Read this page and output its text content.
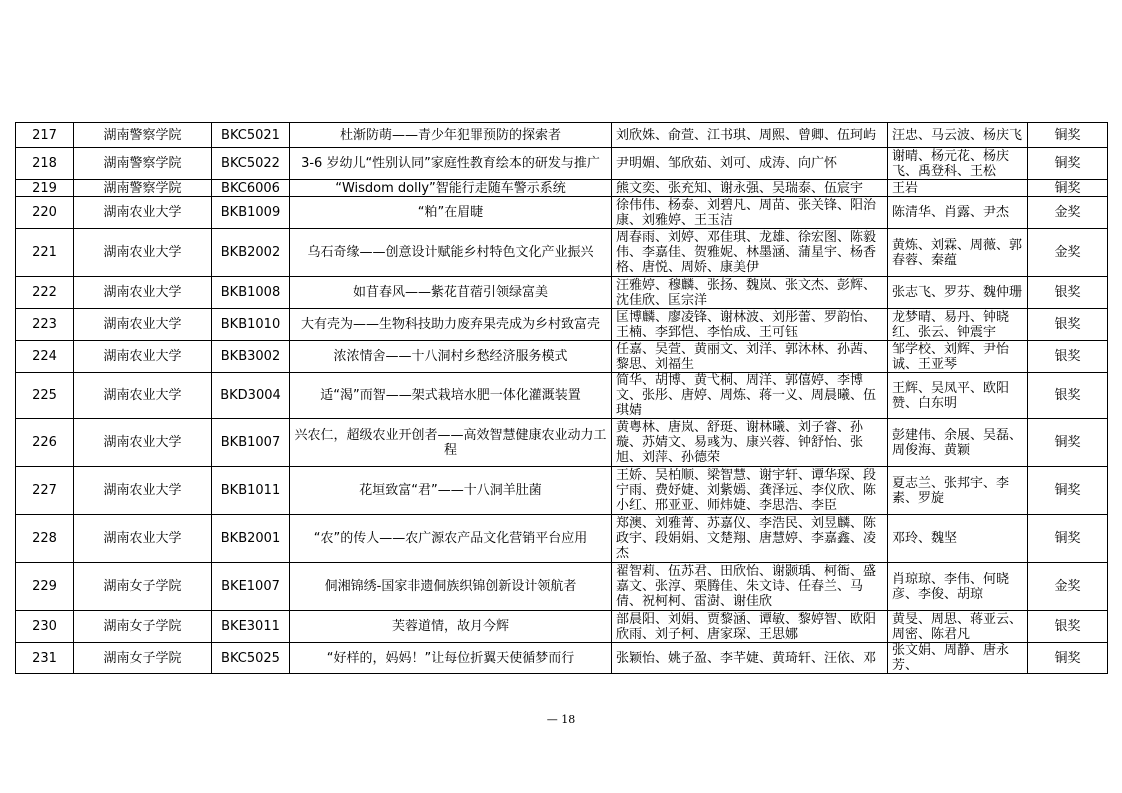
217	湖南警察学院	BKC5021	杜渐防萌——青少年犯罪预防的探索者	刘欣姝、俞萱、江书琪、周熙、曾卿、伍珂屿	汪忠、马云波、杨庆飞	铜奖
218	湖南警察学院	BKC5022	3-6 岁幼儿“性别认同”家庭性教育绘本的研发与推广	尹明媚、邹欣茹、刘可、成涛、向广怀	谢晴、杨元花、杨庆飞、禹登科、王松	铜奖
219	湖南警察学院	BKC6006	“Wisdom dolly”智能行走随车警示系统	熊文奕、张充知、谢永强、吴瑞泰、伍宸宇	王岩	铜奖
220	湖南农业大学	BKB1009	“粕”在眉睫	徐伟伟、杨泰、刘碧凡、周苗、张关锋、阳治康、刘雅婷、王玉洁	陈清华、肖露、尹杰	金奖
221	湖南农业大学	BKB2002	乌石奇缘——创意设计赋能乡村特色文化产业振兴	周春雨、刘婷、邓佳琪、龙雄、徐宏图、陈毅伟、李嘉佳、贺雅妮、林墨涵、蒲星宇、杨香格、唐悦、周娇、康美伊	黄炼、刘霖、周薇、郭春蓉、秦蕴	金奖
222	湖南农业大学	BKB1008	如苜春风——紫花苜蓿引领绿富美	汪雅婷、穆麟、张扬、魏岚、张文杰、彭辉、沈佳欣、匡宗洋	张志飞、罗芬、魏仲珊	银奖
223	湖南农业大学	BKB1010	大有壳为——生物科技助力废弃果壳成为乡村致富壳	匡博麟、廖凌锋、谢林波、刘彤蕾、罗韵怡、王楠、李郅恺、李怡成、王可钰	龙梦晴、易丹、钟晓红、张云、钟震宇	银奖
224	湖南农业大学	BKB3002	浓浓情舍——十八洞村乡愁经济服务模式	任嘉、吴萱、黄丽文、刘洋、郭沐林、孙茜、黎思、刘福生	邹学校、刘辉、尹怡诚、王亚琴	银奖
225	湖南农业大学	BKD3004	适“渴”而智——架式栽培水肥一体化灌溉装置	简华、胡博、黄弋桐、周洋、郭僖婷、李博文、张彤、唐婷、周炼、蒋一义、周晨曦、伍琪婧	王辉、吴凤平、欧阳赞、白东明	银奖
226	湖南农业大学	BKB1007	兴农仁，超级农业开创者——高效智慧健康农业动力工程	黄粤林、唐岚、舒珽、谢林曦、刘子睿、孙璇、苏婧文、易彧为、康兴蓉、钟舒怡、张旭、刘萍、孙德荣	彭建伟、余展、吴磊、周俊海、黄颖	铜奖
227	湖南农业大学	BKB1011	花垣致富“君”——十八洞羊肚菌	王娇、吴柏顺、梁智慧、谢宇轩、谭华琛、段宁雨、费妤婕、刘紫嫣、龚泽远、李仪欣、陈小红、邢亚亚、师炜婕、李思浩、李臣	夏志兰、张邦宇、李素、罗旋	铜奖
228	湖南农业大学	BKB2001	“农”的传人——农广源农产品文化营销平台应用	郑澳、刘雅菁、苏嘉仪、李浩民、刘昱麟、陈政宇、段娟娟、文楚翔、唐慧婷、李嘉鑫、凌杰	邓玲、魏坚	铜奖
229	湖南女子学院	BKE1007	侗湘锦绣-国家非遗侗族织锦创新设计领航者	翟智莉、伍苏君、田欣怡、谢颢瑀、柯衙、盛嘉文、张淳、栗腾佳、朱文诗、任春兰、马倩、祝柯柯、雷澍、谢佳欣	肖琼琼、李伟、何晓彦、李俊、胡琼	金奖
230	湖南女子学院	BKE3011	芙蓉道情，故月今辉	部晨阳、刘娟、贾黎涵、谭敏、黎婷智、欧阳欣雨、刘子柯、唐家琛、王思娜	黄旻、周思、蒋亚云、周密、陈君凡	银奖
231	湖南女子学院	BKC5025	“好样的，妈妈！”让每位折翼天使循梦而行	张颖怡、姚子盈、李芊婕、黄琦轩、汪依、邓	张文娟、周静、唐永芳、	铜奖
— 18
